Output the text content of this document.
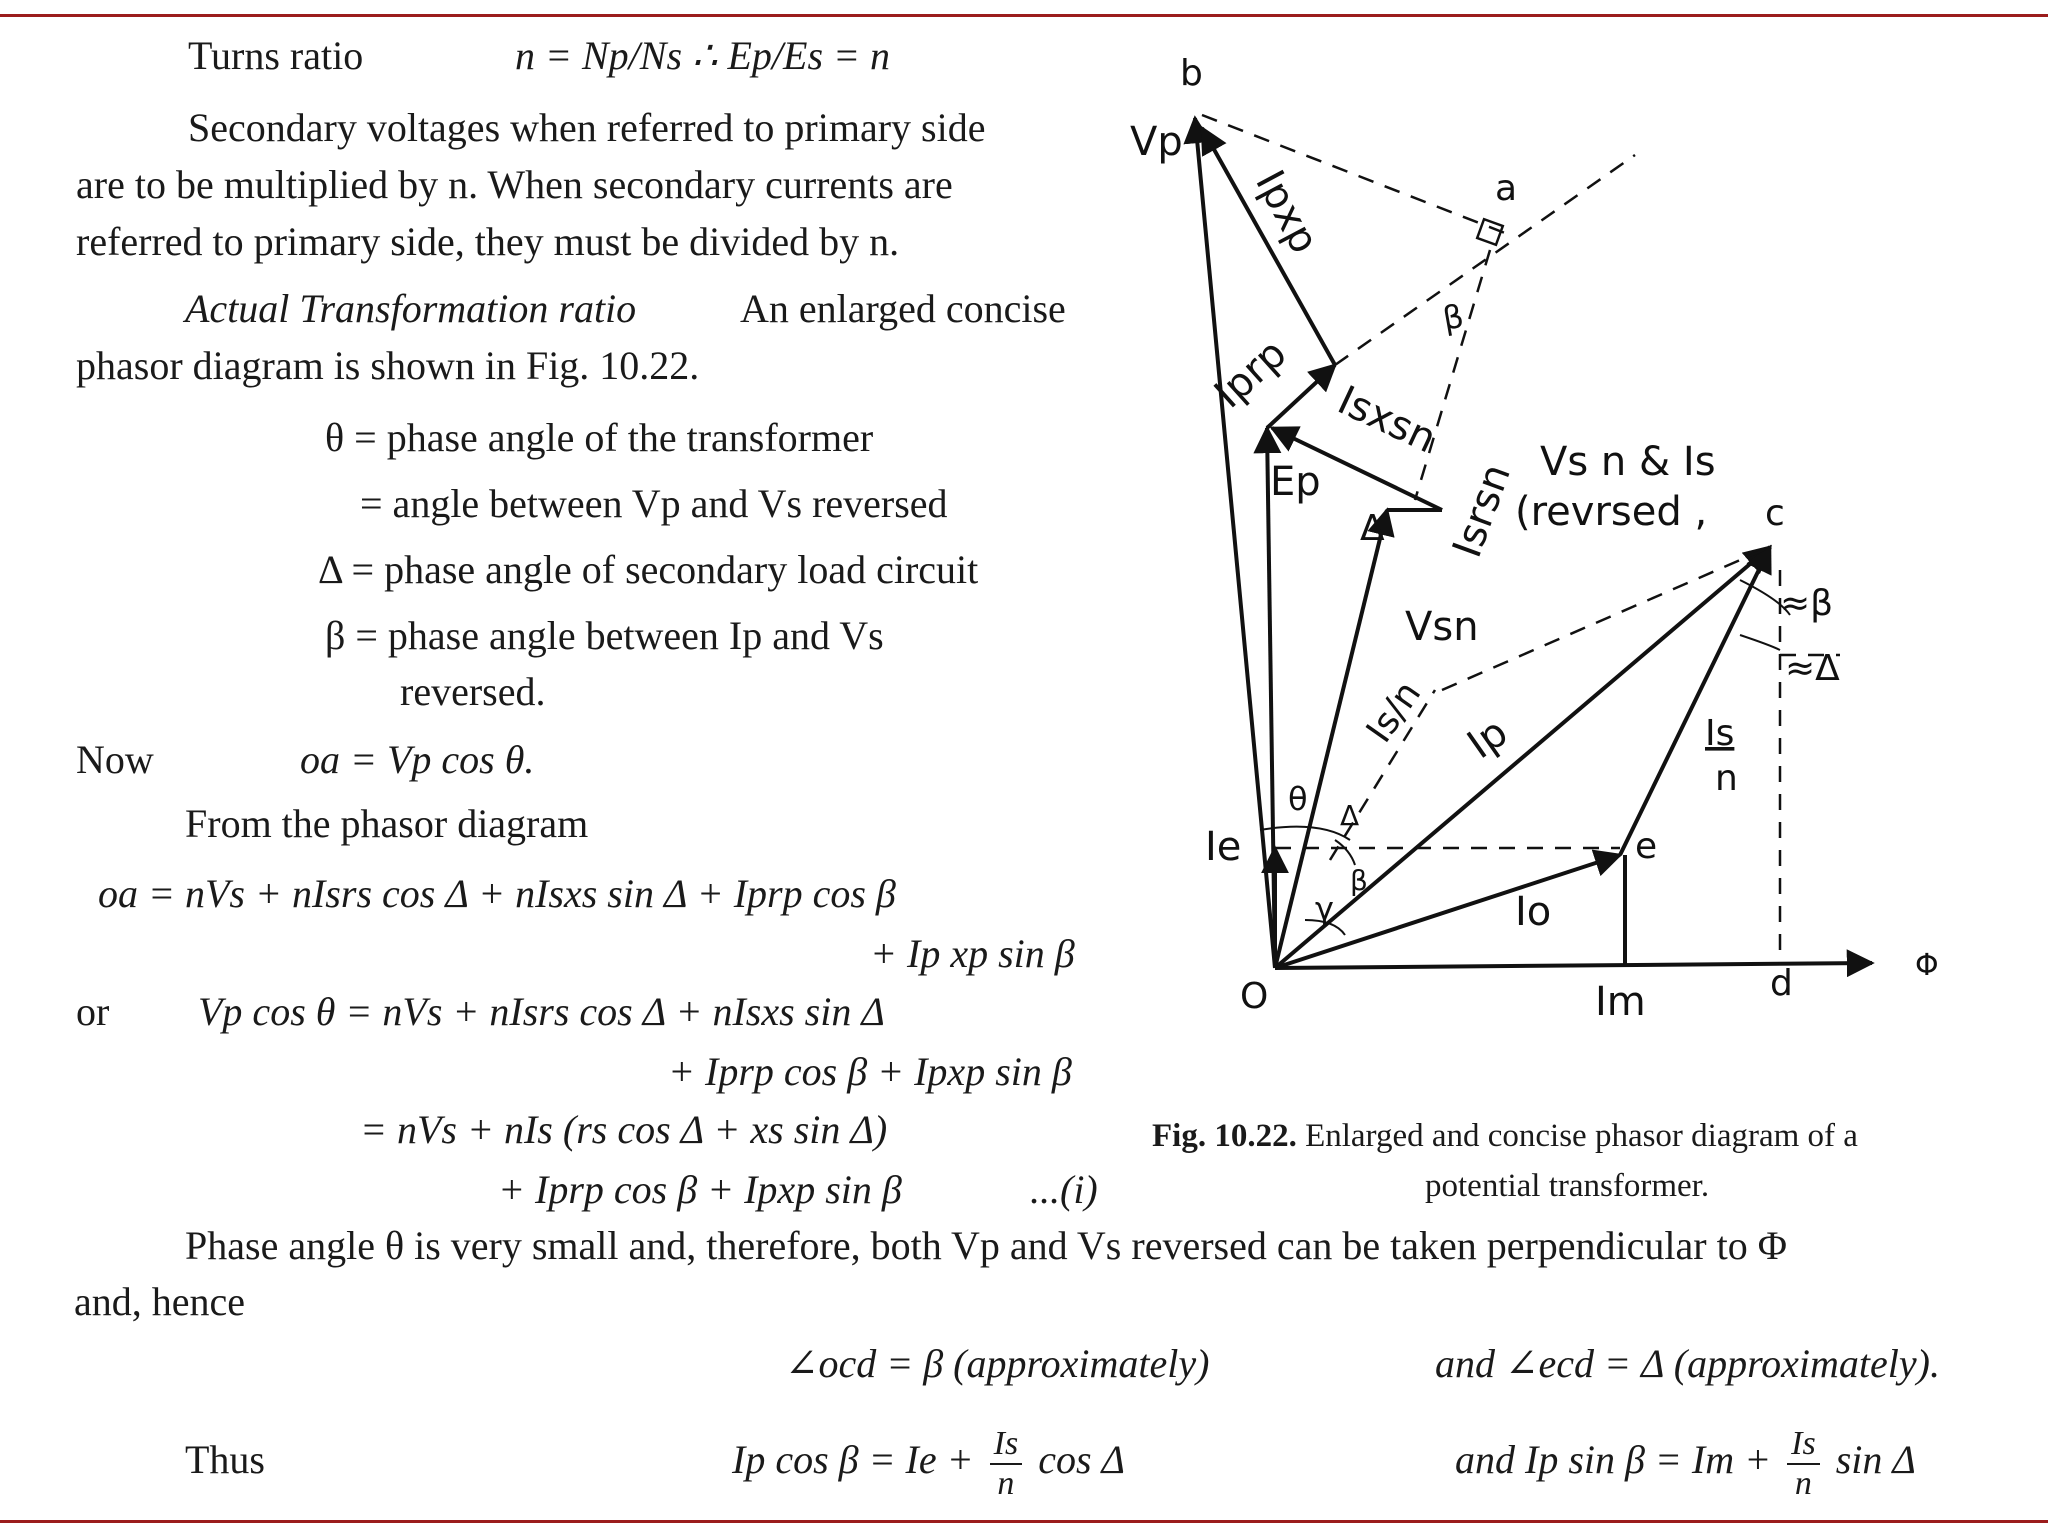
Turns ratio	n = Np/Ns ∴ Ep/Es = n
Secondary voltages when referred to primary side
are to be multiplied by n. When secondary currents are
referred to primary side, they must be divided by n.
Actual Transformation ratio	An enlarged concise
phasor diagram is shown in Fig. 10.22.
θ = phase angle of the transformer
= angle between Vp and Vs reversed
Δ = phase angle of secondary load circuit
β = phase angle between Ip and Vs
reversed.
Now	oa = Vp cos θ.
From the phasor diagram
oa = nVs + nIsrs cos Δ + nIsxs sin Δ + Iprp cos β
+ Ip xp sin β
or Vp cos θ = nVs + nIsrs cos Δ + nIsxs sin Δ
+ Iprp cos β + Ipxp sin β
= nVs + nIs (rs cos Δ + xs sin Δ)
+ Iprp cos β + Ipxp sin β	...(i)
Phase angle θ is very small and, therefore, both Vp and Vs reversed can be taken perpendicular to Φ
and, hence
∠ocd = β (approximately)	and ∠ecd = Δ (approximately).
Thus	Ip $\cos \beta = Ie + \frac{Is}{n}$ cos Δ	and Ip $\sin \beta = Im + \frac{Is}{n}$ sin Δ
Fig. 10.22. Enlarged and concise phasor diagram of a
potential transformer.
b
a
Vp
Ipxp
Iprp
Isxsn
Ep	Isrsn Vs n & Is
(revrsed , c
Δ
β
Vsn
Is/n Ip
≈β
≈Δ
Is
n
θ
Ie
Δ
β
γ
e
Io
O	Im	d	Φ
